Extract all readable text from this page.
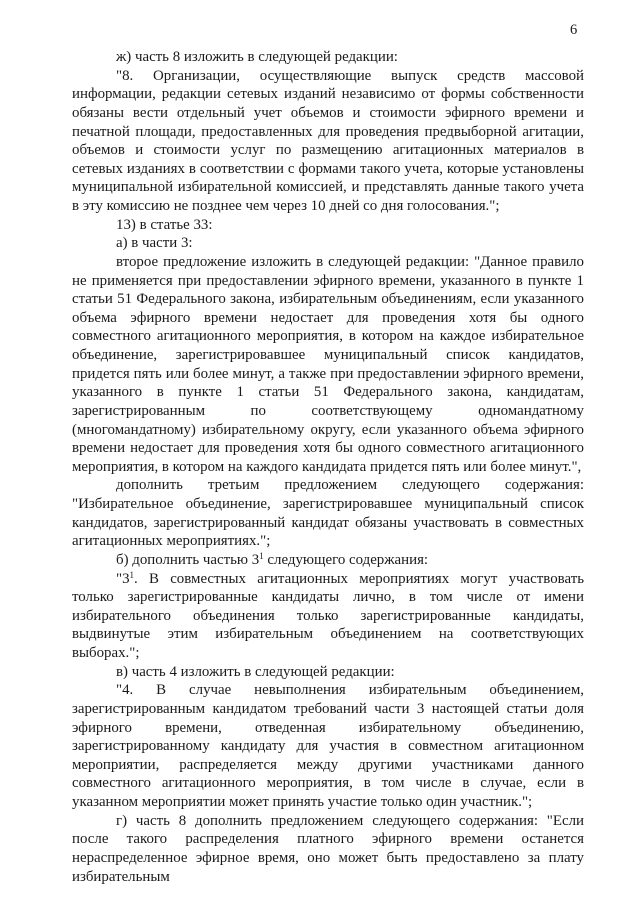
6

ж) часть 8 изложить в следующей редакции:

"8. Организации, осуществляющие выпуск средств массовой информации, редакции сетевых изданий независимо от формы собственности обязаны вести отдельный учет объемов и стоимости эфирного времени и печатной площади, предоставленных для проведения предвыборной агитации, объемов и стоимости услуг по размещению агитационных материалов в сетевых изданиях в соответствии с формами такого учета, которые установлены муниципальной избирательной комиссией, и представлять данные такого учета в эту комиссию не позднее чем через 10 дней со дня голосования.";

13) в статье 33:

а) в части 3:

второе предложение изложить в следующей редакции: "Данное правило не применяется при предоставлении эфирного времени, указанного в пункте 1 статьи 51 Федерального закона, избирательным объединениям, если указанного объема эфирного времени недостает для проведения хотя бы одного совместного агитационного мероприятия, в котором на каждое избирательное объединение, зарегистрировавшее муниципальный список кандидатов, придется пять или более минут, а также при предоставлении эфирного времени, указанного в пункте 1 статьи 51 Федерального закона, кандидатам, зарегистрированным по соответствующему одномандатному (многомандатному) избирательному округу, если указанного объема эфирного времени недостает для проведения хотя бы одного совместного агитационного мероприятия, в котором на каждого кандидата придется пять или более минут.",

дополнить третьим предложением следующего содержания: "Избирательное объединение, зарегистрировавшее муниципальный список кандидатов, зарегистрированный кандидат обязаны участвовать в совместных агитационных мероприятиях.";

б) дополнить частью $3^1$ следующего содержания:

"$3^1$. В совместных агитационных мероприятиях могут участвовать только зарегистрированные кандидаты лично, в том числе от имени избирательного объединения только зарегистрированные кандидаты, выдвинутые этим избирательным объединением на соответствующих выборах.";

в) часть 4 изложить в следующей редакции:

"4. В случае невыполнения избирательным объединением, зарегистрированным кандидатом требований части 3 настоящей статьи доля эфирного времени, отведенная избирательному объединению, зарегистрированному кандидату для участия в совместном агитационном мероприятии, распределяется между другими участниками данного совместного агитационного мероприятия, в том числе в случае, если в указанном мероприятии может принять участие только один участник.";

г) часть 8 дополнить предложением следующего содержания: "Если после такого распределения платного эфирного времени останется нераспределенное эфирное время, оно может быть предоставлено за плату избирательным
